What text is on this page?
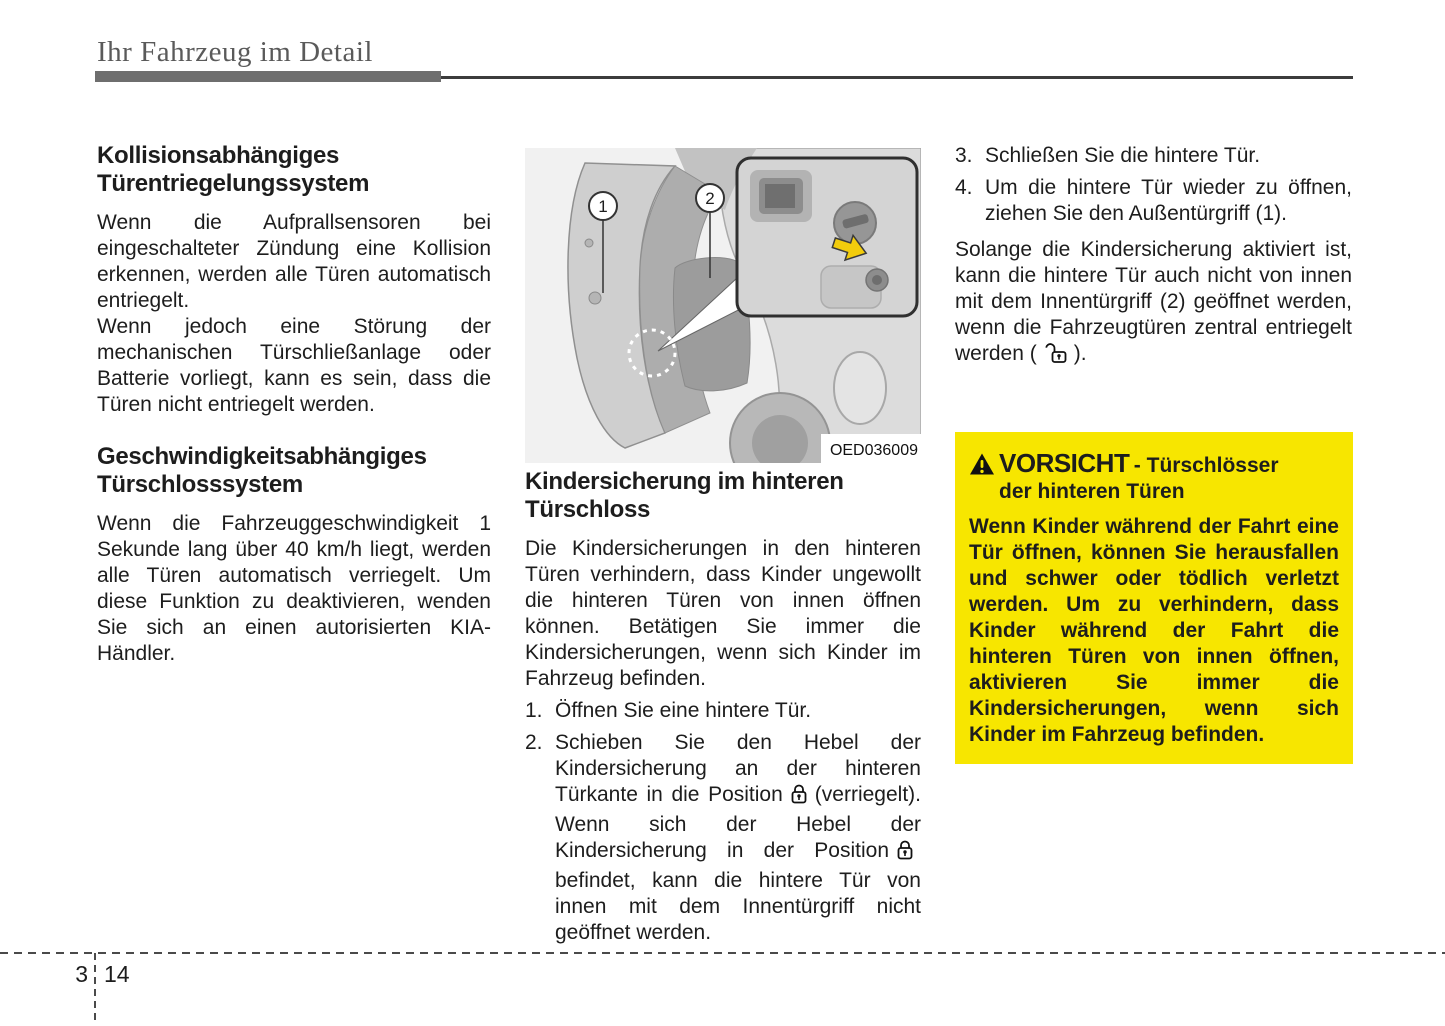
Ihr Fahrzeug im Detail
Kollisionsabhängiges Türentriegelungssystem

Wenn die Aufprallsensoren bei eingeschalteter Zündung eine Kollision erkennen, werden alle Türen automatisch entriegelt.

Wenn jedoch eine Störung der mechanischen Türschließanlage oder Batterie vorliegt, kann es sein, dass die Türen nicht entriegelt werden.

Geschwindigkeitsabhängiges Türschlosssystem

Wenn die Fahrzeuggeschwindigkeit 1 Sekunde lang über 40 km/h liegt, werden alle Türen automatisch verriegelt. Um diese Funktion zu deaktivieren, wenden Sie sich an einen autorisierten KIA-Händler.

1	2
OED036009
Kindersicherung im hinteren Türschloss

Die Kindersicherungen in den hinteren Türen verhindern, dass Kinder ungewollt die hinteren Türen von innen öffnen können. Betätigen Sie immer die Kindersicherungen, wenn sich Kinder im Fahrzeug befinden.

1. Öffnen Sie eine hintere Tür.
2. Schieben Sie den Hebel der Kindersicherung an der hinteren Türkante in die Position (verriegelt). Wenn sich der Hebel der Kindersicherung in der Positionbefindet, kann die hintere Tür von innen mit dem Innentürgriff nicht geöffnet werden.
3. Schließen Sie die hintere Tür.
4. Um die hintere Tür wieder zu öffnen, ziehen Sie den Außentürgriff (1).

Solange die Kindersicherung aktiviert ist, kann die hintere Tür auch nicht von innen mit dem Innentürgriff (2) geöffnet werden, wenn die Fahrzeugtüren zentral entriegelt werden ( ).

VORSICHT - Türschlösser
der hinteren Türen
Wenn Kinder während der Fahrt eine Tür öffnen, können Sie herausfallen und schwer oder tödlich verletzt werden. Um zu verhindern, dass Kinder während der Fahrt die hinteren Türen von innen öffnen, aktivieren Sie immer die Kindersicherungen, wenn sich Kinder im Fahrzeug befinden.
3 14
